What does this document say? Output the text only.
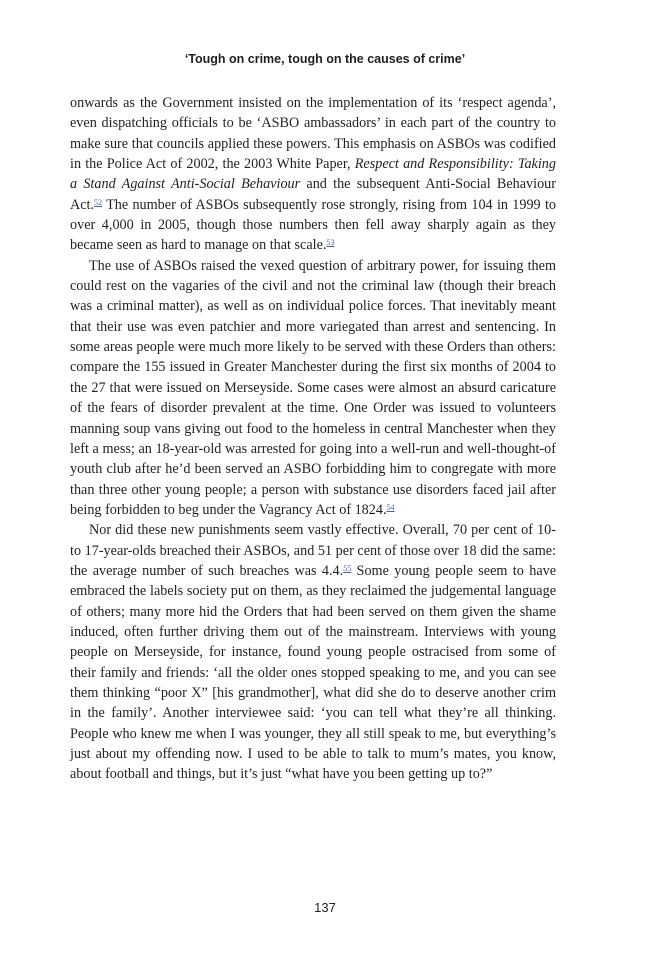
‘Tough on crime, tough on the causes of crime’

onwards as the Government insisted on the implementation of its ‘respect agenda’, even dispatching officials to be ‘ASBO ambassadors’ in each part of the country to make sure that councils applied these powers. This emphasis on ASBOs was codified in the Police Act of 2002, the 2003 White Paper, Respect and Responsibility: Taking a Stand Against Anti-Social Behaviour and the subsequent Anti-Social Behaviour Act.$^{52}$ The number of ASBOs subsequently rose strongly, rising from 104 in 1999 to over 4,000 in 2005, though those numbers then fell away sharply again as they became seen as hard to manage on that scale.$^{53}$

The use of ASBOs raised the vexed question of arbitrary power, for issuing them could rest on the vagaries of the civil and not the criminal law (though their breach was a criminal matter), as well as on individual police forces. That inevitably meant that their use was even patchier and more variegated than arrest and sentencing. In some areas people were much more likely to be served with these Orders than others: compare the 155 issued in Greater Manchester during the first six months of 2004 to the 27 that were issued on Merseyside. Some cases were almost an absurd caricature of the fears of disorder prevalent at the time. One Order was issued to volunteers manning soup vans giving out food to the homeless in central Manchester when they left a mess; an 18-year-old was arrested for going into a well-run and well-thought-of youth club after he’d been served an ASBO forbidding him to congregate with more than three other young people; a person with substance use disorders faced jail after being forbidden to beg under the Vagrancy Act of 1824.54

Nor did these new punishments seem vastly effective. Overall, 70 per cent of 10- to 17-year-olds breached their ASBOs, and 51 per cent of those over 18 did the same: the average number of such breaches was 4.4.55 Some young people seem to have embraced the labels society put on them, as they reclaimed the judgemental language of others; many more hid the Orders that had been served on them given the shame induced, often further driving them out of the mainstream. Interviews with young people on Merseyside, for instance, found young people ostracised from some of their family and friends: ‘all the older ones stopped speaking to me, and you can see them thinking “poor X” [his grandmother], what did she do to deserve another crim in the family’. Another interviewee said: ‘you can tell what they’re all thinking. People who knew me when I was younger, they all still speak to me, but everything’s just about my offending now. I used to be able to talk to mum’s mates, you know, about football and things, but it’s just “what have you been getting up to?”

137
